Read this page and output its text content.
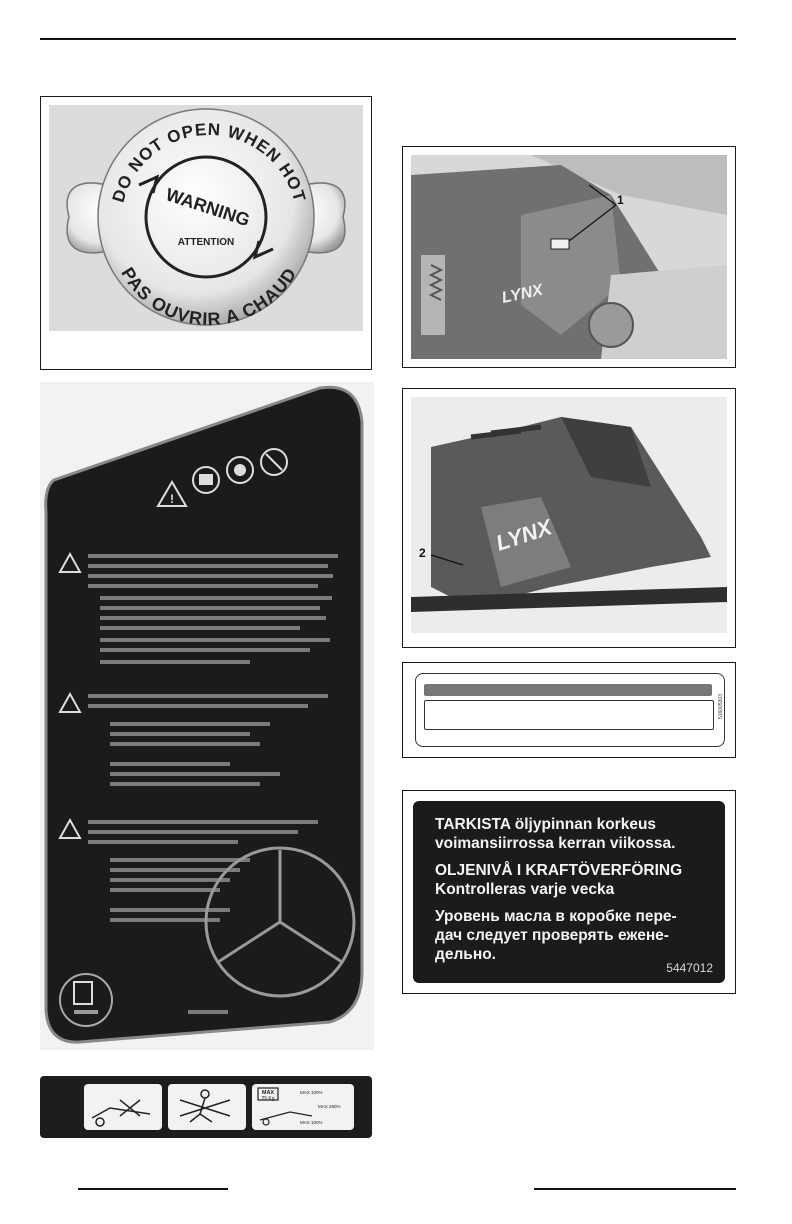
DO NOT OPEN WHEN HOT
PAS OUVRIR A CHAUD
WARNING
ATTENTION
!
MAX
25 Kg
MAX 100%
MAX 250%
MAX 100%
LYNX
1
LYNX
2
516005303
TARKISTA öljypinnan korkeus
voimansiirrossa kerran viikossa.
OLJENIVÅ I KRAFTÖVERFÖRING
Kontrolleras varje vecka
Уровень масла в коробке пере-
дач следует проверять ежене-
дельно.
5447012
